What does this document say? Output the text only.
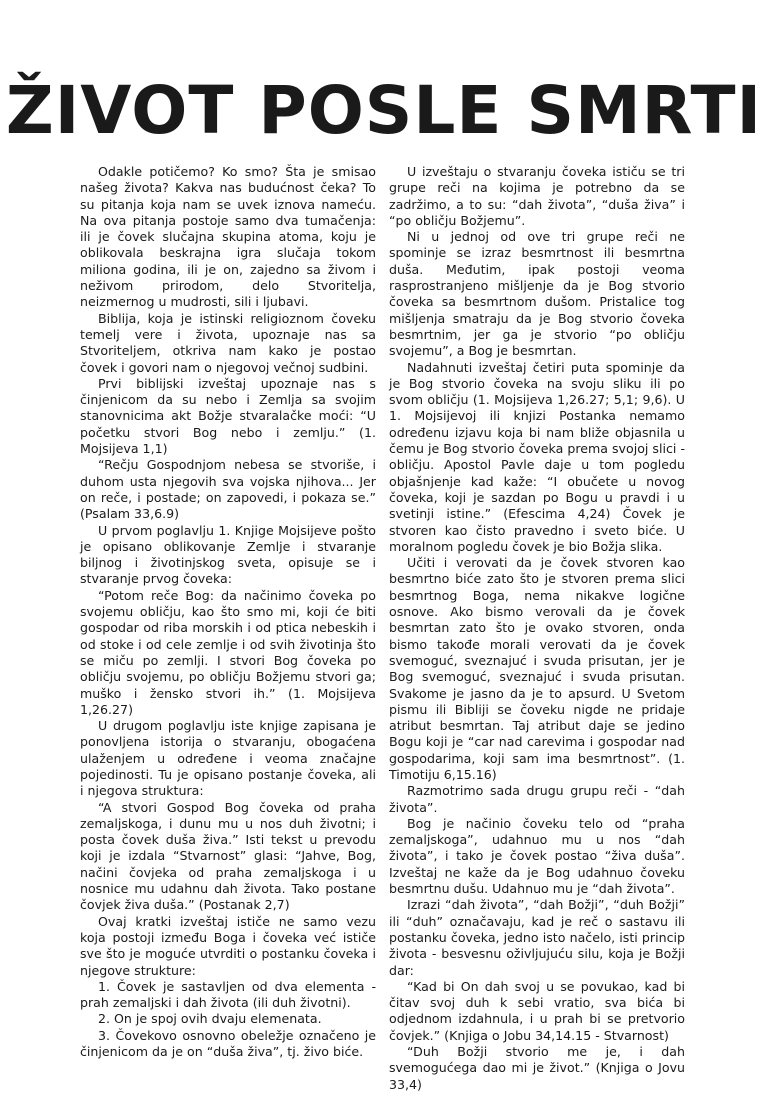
ŽIVOT POSLE SMRTI

Odakle potičemo? Ko smo? Šta je smisao našeg života? Kakva nas budućnost čeka? To su pitanja koja nam se uvek iznova nameću. Na ova pitanja postoje samo dva tumačenja: ili je čovek slučajna skupina atoma, koju je oblikovala beskrajna igra slučaja tokom miliona godina, ili je on, zajedno sa živom i neživom prirodom, delo Stvoritelja, neizmernog u mudrosti, sili i ljubavi.

Biblija, koja je istinski religioznom čoveku temelj vere i života, upoznaje nas sa Stvoriteljem, otkriva nam kako je postao čovek i govori nam o njegovoj večnoj sudbini.

Prvi biblijski izveštaj upoznaje nas s činjenicom da su nebo i Zemlja sa svojim stanovnicima akt Božje stvaralačke moći: “U početku stvori Bog nebo i zemlju.” (1. Mojsijeva 1,1)

“Rečju Gospodnjom nebesa se stvoriše, i duhom usta njegovih sva vojska njihova... Jer on reče, i postade; on zapovedi, i pokaza se.” (Psalam 33,6.9)

U prvom poglavlju 1. Knjige Mojsijeve pošto je opisano oblikovanje Zemlje i stvaranje biljnog i životinjskog sveta, opisuje se i stvaranje prvog čoveka:

“Potom reče Bog: da načinimo čoveka po svojemu obličju, kao što smo mi, koji će biti gospodar od riba morskih i od ptica nebeskih i od stoke i od cele zemlje i od svih životinja što se miču po zemlji. I stvori Bog čoveka po obličju svojemu, po obličju Božjemu stvori ga; muško i žensko stvori ih.” (1. Mojsijeva 1,26.27)

U drugom poglavlju iste knjige zapisana je ponovljena istorija o stvaranju, obogaćena ulaženjem u određene i veoma značajne pojedinosti. Tu je opisano postanje čoveka, ali i njegova struktura:

“A stvori Gospod Bog čoveka od praha zemaljskoga, i dunu mu u nos duh životni; i posta čovek duša živa.” Isti tekst u prevodu koji je izdala “Stvarnost” glasi: “Jahve, Bog, načini čovjeka od praha zemaljskoga i u nosnice mu udahnu dah života. Tako postane čovjek živa duša.” (Postanak 2,7)

Ovaj kratki izveštaj ističe ne samo vezu koja postoji između Boga i čoveka već ističe sve što je moguće utvrditi o postanku čoveka i njegove strukture:

1. Čovek je sastavljen od dva elementa - prah zemaljski i dah života (ili duh životni).

2. On je spoj ovih dvaju elemenata.

3. Čovekovo osnovno obeležje označeno je činjenicom da je on “duša živa”, tj. živo biće.

U izveštaju o stvaranju čoveka ističu se tri grupe reči na kojima je potrebno da se zadržimo, a to su: “dah života”, “duša živa” i “po obličju Božjemu”.

Ni u jednoj od ove tri grupe reči ne spominje se izraz besmrtnost ili besmrtna duša. Međutim, ipak postoji veoma rasprostranjeno mišljenje da je Bog stvorio čoveka sa besmrtnom dušom. Pristalice tog mišljenja smatraju da je Bog stvorio čoveka besmrtnim, jer ga je stvorio “po obličju svojemu”, a Bog je besmrtan.

Nadahnuti izveštaj četiri puta spominje da je Bog stvorio čoveka na svoju sliku ili po svom obličju (1. Mojsijeva 1,26.27; 5,1; 9,6). U 1. Mojsijevoj ili knjizi Postanka nemamo određenu izjavu koja bi nam bliže objasnila u čemu je Bog stvorio čoveka prema svojoj slici - obličju. Apostol Pavle daje u tom pogledu objašnjenje kad kaže: “I obučete u novog čoveka, koji je sazdan po Bogu u pravdi i u svetinji istine.” (Efescima 4,24) Čovek je stvoren kao čisto pravedno i sveto biće. U moralnom pogledu čovek je bio Božja slika.

Učiti i verovati da je čovek stvoren kao besmrtno biće zato što je stvoren prema slici besmrtnog Boga, nema nikakve logične osnove. Ako bismo verovali da je čovek besmrtan zato što je ovako stvoren, onda bismo takođe morali verovati da je čovek svemoguć, sveznajuć i svuda prisutan, jer je Bog svemoguć, sveznajuć i svuda prisutan. Svakome je jasno da je to apsurd. U Svetom pismu ili Bibliji se čoveku nigde ne pridaje atribut besmrtan. Taj atribut daje se jedino Bogu koji je “car nad carevima i gospodar nad gospodarima, koji sam ima besmrtnost”. (1. Timotiju 6,15.16)

Razmotrimo sada drugu grupu reči - “dah života”.

Bog je načinio čoveku telo od “praha zemaljskoga”, udahnuo mu u nos “dah života”, i tako je čovek postao “živa duša”. Izveštaj ne kaže da je Bog udahnuo čoveku besmrtnu dušu. Udahnuo mu je “dah života”.

Izrazi “dah života”, “dah Božji”, “duh Božji” ili “duh” označavaju, kad je reč o sastavu ili postanku čoveka, jedno isto načelo, isti princip života - besvesnu oživljujuću silu, koja je Božji dar:

“Kad bi On dah svoj u se povukao, kad bi čitav svoj duh k sebi vratio, sva bića bi odjednom izdahnula, i u prah bi se pretvorio čovjek.” (Knjiga o Jobu 34,14.15 - Stvarnost)

“Duh Božji stvorio me je, i dah svemogućega dao mi je život.” (Knjiga o Jovu 33,4)
